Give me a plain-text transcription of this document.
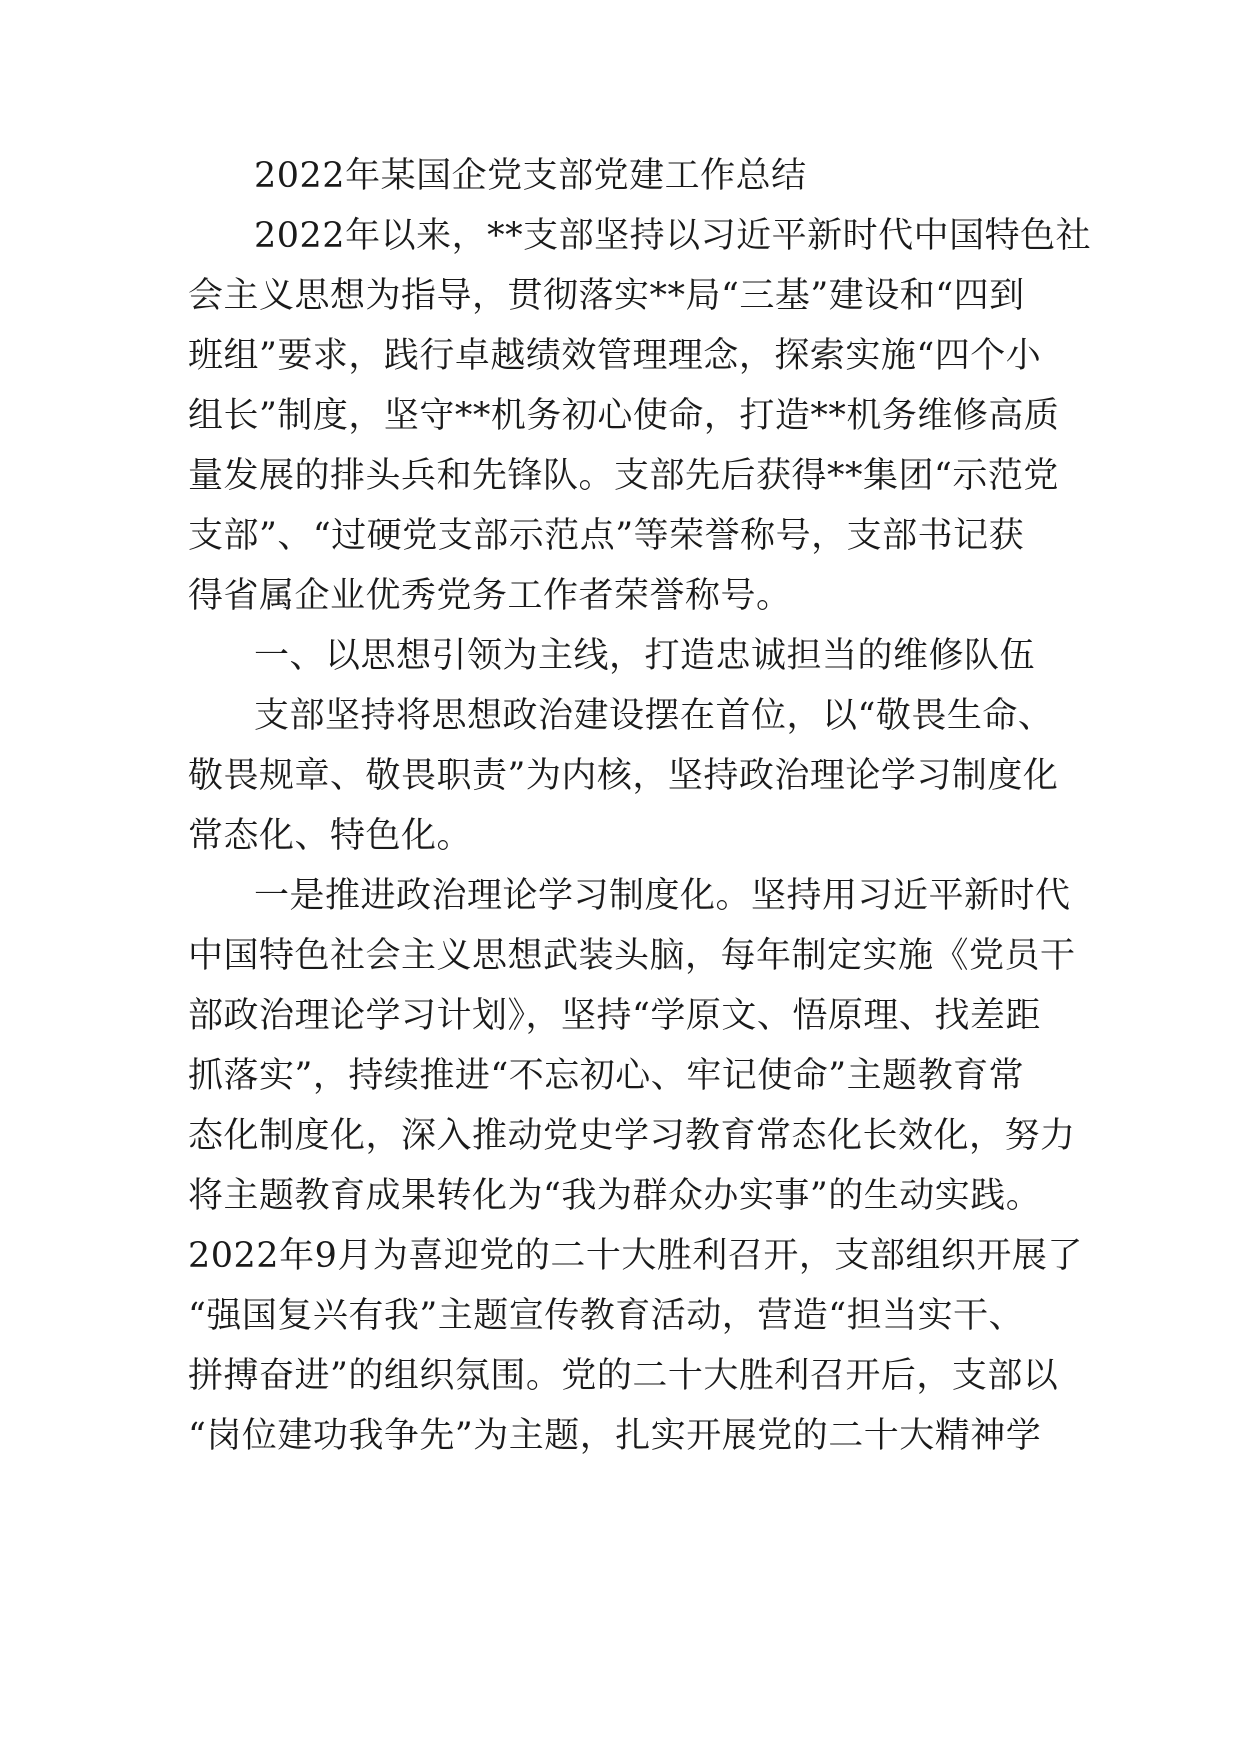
2022年某国企党支部党建工作总结
2022年以来，**支部坚持以习近平新时代中国特色社
会主义思想为指导，贯彻落实**局“三基”建设和“四到
班组”要求，践行卓越绩效管理理念，探索实施“四个小
组长”制度，坚守**机务初心使命，打造**机务维修高质
量发展的排头兵和先锋队。支部先后获得**集团“示范党
支部”、“过硬党支部示范点”等荣誉称号，支部书记获
得省属企业优秀党务工作者荣誉称号。
一、以思想引领为主线，打造忠诚担当的维修队伍
支部坚持将思想政治建设摆在首位，以“敬畏生命、
敬畏规章、敬畏职责”为内核，坚持政治理论学习制度化
常态化、特色化。
一是推进政治理论学习制度化。坚持用习近平新时代
中国特色社会主义思想武装头脑，每年制定实施《党员干
部政治理论学习计划》，坚持“学原文、悟原理、找差距
抓落实”，持续推进“不忘初心、牢记使命”主题教育常
态化制度化，深入推动党史学习教育常态化长效化，努力
将主题教育成果转化为“我为群众办实事”的生动实践。
2022年9月为喜迎党的二十大胜利召开，支部组织开展了
“强国复兴有我”主题宣传教育活动，营造“担当实干、
拼搏奋进”的组织氛围。党的二十大胜利召开后，支部以
“岗位建功我争先”为主题，扎实开展党的二十大精神学
